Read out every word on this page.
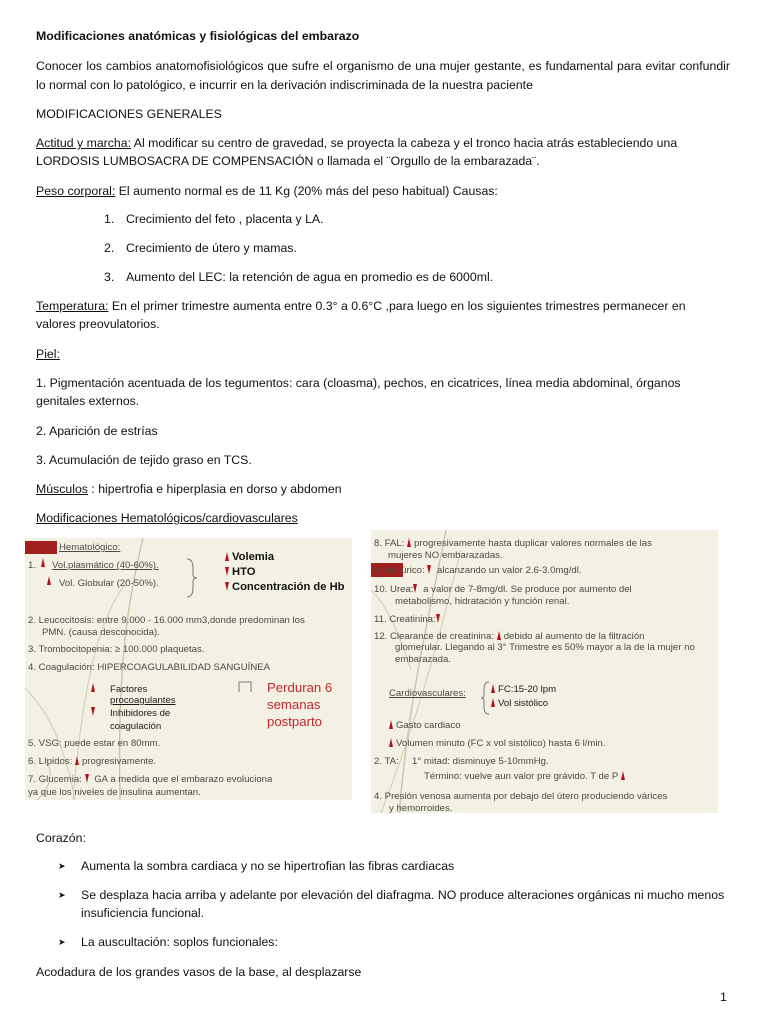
Modificaciones anatómicas y fisiológicas del embarazo
Conocer los cambios anatomofisiológicos que sufre el organismo de una mujer gestante, es fundamental para evitar confundir lo normal con lo patológico, e incurrir en la derivación indiscriminada de la nuestra paciente
MODIFICACIONES GENERALES
Actitud y marcha: Al modificar su centro de gravedad, se proyecta la cabeza y el tronco hacia atrás estableciendo una
LORDOSIS LUMBOSACRA DE COMPENSACIÓN o llamada el ¨Orgullo de la embarazada¨.
Peso corporal: El aumento normal es de 11 Kg (20% más del peso habitual) Causas:
1. Crecimiento del feto , placenta y LA.
2. Crecimiento de útero y mamas.
3. Aumento del LEC: la retención de agua en promedio es de 6000ml.
Temperatura: En el primer trimestre aumenta entre 0.3° a 0.6°C ,para luego en los siguientes trimestres permanecer en
valores preovulatorios.
Piel:
1. Pigmentación acentuada de los tegumentos: cara (cloasma), pechos, en cicatrices, línea media abdominal, órganos
genitales externos.
2. Aparición de estrías
3. Acumulación de tejido graso en TCS.
Músculos : hipertrofia e hiperplasia en dorso y abdomen
Modificaciones Hematológicos/cardiovasculares
Hematológico:
1. Vol.plasmático (40-60%).
Vol. Globular (20-50%).
Volemia
HTO
Concentración de Hb
2. Leucocitosis: entre 9.000 - 16.000 mm3,donde predominan los
PMN. (causa desconocida).
3. Trombocitopenia: ≥ 100.000 plaquetas.
4. Coagulación: HIPERCOAGULABILIDAD SANGUÍNEA
Factores
procoagulantes
Inhibidores de
coagulación
Perduran 6
semanas
postparto
5. VSG: puede estar en 80mm.
6. Lípidos: progresivamente.
7. Glucemia: GA a medida que el embarazo evoluciona
ya que los niveles de insulina aumentan.
8. FAL: progresivamente hasta duplicar valores normales de las
mujeres NO embarazadas.
9. Ác. úrico: alcanzando un valor 2.6-3.0mg/dl.
10. Urea: a valor de 7-8mg/dl. Se produce por aumento del
metabolismo, hidratación y función renal.
11. Creatinina:
12. Clearance de creatinina: debido al aumento de la filtración
glomerular. Llegando al 3° Trimestre es 50% mayor a la de la mujer no
embarazada.
Cardiovasculares:	FC:15-20 lpm
Vol sistólico
Gasto cardiaco
Volumen minuto (FC x vol sistólico) hasta 6 l/min.
2. TA: 1° mitad: disminuye 5-10mmHg.
Término: vuelve aun valor pre grávido. T de P
4. Presión venosa aumenta por debajo del útero produciendo várices
y hemorroides.
Corazón:
➤ Aumenta la sombra cardiaca y no se hipertrofian las fibras cardiacas
➤ Se desplaza hacia arriba y adelante por elevación del diafragma. NO produce alteraciones orgánicas ni mucho menos
insuficiencia funcional.
➤ La auscultación: soplos funcionales:
Acodadura de los grandes vasos de la base, al desplazarse
1
